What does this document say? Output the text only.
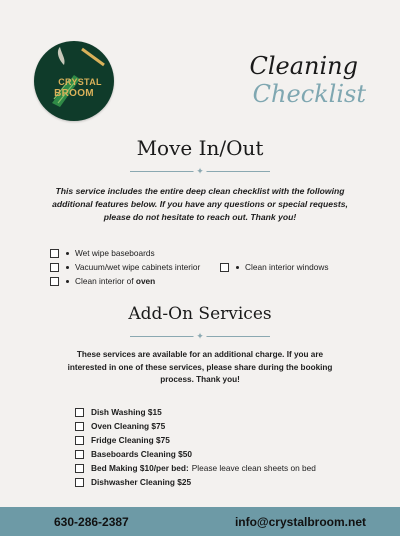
CRYSTAL
BROOM
Cleaning
Checklist
Move In/Out
✦
This service includes the entire deep clean checklist with the following additional features below. If you have any questions or special requests, please do not hesitate to reach out. Thank you!
Wet wipe baseboards
Vacuum/wet wipe cabinets interior	Clean interior windows
Clean interior of oven
Add-On Services
✦
These services are available for an additional charge. If you are interested in one of these services, please share during the booking process. Thank you!
Dish Washing $15
Oven Cleaning $75
Fridge Cleaning $75
Baseboards Cleaning $50
Bed Making $10/per bed: Please leave clean sheets on bed
Dishwasher Cleaning $25
630-286-2387	info@crystalbroom.net
